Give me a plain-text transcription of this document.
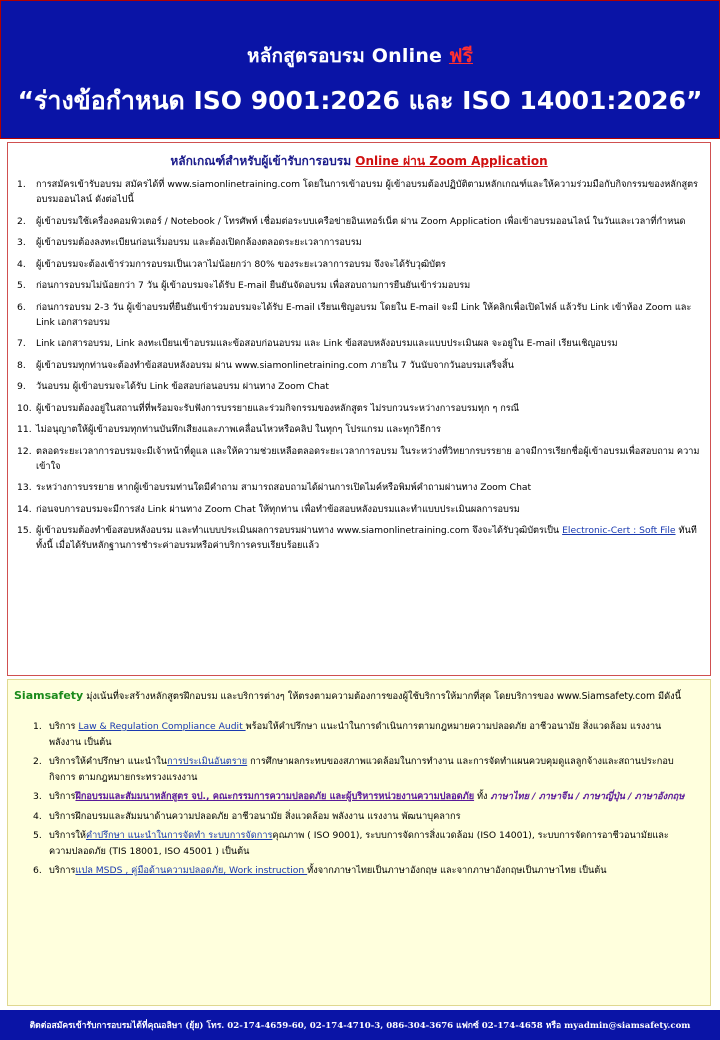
หลักสูตรอบรม Online ฟรี
“ร่างข้อกำหนด ISO 9001:2026 และ ISO 14001:2026”
หลักเกณฑ์สำหรับผู้เข้ารับการอบรม Online ผ่าน Zoom Application
1.	การสมัครเข้ารับอบรม สมัครได้ที่ www.siamonlinetraining.com โดยในการเข้าอบรม ผู้เข้าอบรมต้องปฏิบัติตามหลักเกณฑ์และให้ความร่วมมือกับกิจกรรมของหลักสูตรอบรมออนไลน์ ดังต่อไปนี้
2.	ผู้เข้าอบรมใช้เครื่องคอมพิวเตอร์ / Notebook / โทรศัพท์ เชื่อมต่อระบบเครือข่ายอินเทอร์เน็ต ผ่าน Zoom Application เพื่อเข้าอบรมออนไลน์ ในวันและเวลาที่กำหนด
3.	ผู้เข้าอบรมต้องลงทะเบียนก่อนเริ่มอบรม และต้องเปิดกล้องตลอดระยะเวลาการอบรม
4.	ผู้เข้าอบรมจะต้องเข้าร่วมการอบรมเป็นเวลาไม่น้อยกว่า 80% ของระยะเวลาการอบรม จึงจะได้รับวุฒิบัตร
5.	ก่อนการอบรมไม่น้อยกว่า 7 วัน ผู้เข้าอบรมจะได้รับ E-mail ยืนยันจัดอบรม เพื่อสอบถามการยืนยันเข้าร่วมอบรม
6.	ก่อนการอบรม 2-3 วัน ผู้เข้าอบรมที่ยืนยันเข้าร่วมอบรมจะได้รับ E-mail เรียนเชิญอบรม โดยใน E-mail จะมี Link ให้คลิกเพื่อเปิดไฟล์ แล้วรับ Link เข้าห้อง Zoom และ Link เอกสารอบรม
7.	Link เอกสารอบรม, Link ลงทะเบียนเข้าอบรมและข้อสอบก่อนอบรม และ Link ข้อสอบหลังอบรมและแบบประเมินผล จะอยู่ใน E-mail เรียนเชิญอบรม
8.	ผู้เข้าอบรมทุกท่านจะต้องทำข้อสอบหลังอบรม ผ่าน www.siamonlinetraining.com ภายใน 7 วันนับจากวันอบรมเสร็จสิ้น
9.	วันอบรม ผู้เข้าอบรมจะได้รับ Link ข้อสอบก่อนอบรม ผ่านทาง Zoom Chat
10. ผู้เข้าอบรมต้องอยู่ในสถานที่ที่พร้อมจะรับฟังการบรรยายและร่วมกิจกรรมของหลักสูตร ไม่รบกวนระหว่างการอบรมทุก ๆ กรณี
11. ไม่อนุญาตให้ผู้เข้าอบรมทุกท่านบันทึกเสียงและภาพเคลื่อนไหวหรือคลิป ในทุกๆ โปรแกรม และทุกวิธีการ
12. ตลอดระยะเวลาการอบรมจะมีเจ้าหน้าที่ดูแล และให้ความช่วยเหลือตลอดระยะเวลาการอบรม ในระหว่างที่วิทยากรบรรยาย อาจมีการเรียกชื่อผู้เข้าอบรมเพื่อสอบถาม ความเข้าใจ
13. ระหว่างการบรรยาย หากผู้เข้าอบรมท่านใดมีคำถาม สามารถสอบถามได้ผ่านการเปิดไมค์หรือพิมพ์คำถามผ่านทาง Zoom Chat
14. ก่อนจบการอบรมจะมีการส่ง Link ผ่านทาง Zoom Chat ให้ทุกท่าน เพื่อทำข้อสอบหลังอบรมและทำแบบประเมินผลการอบรม
15. ผู้เข้าอบรมต้องทำข้อสอบหลังอบรม และทำแบบประเมินผลการอบรมผ่านทาง www.siamonlinetraining.com จึงจะได้รับวุฒิบัตรเป็น Electronic-Cert : Soft File ทันที ทั้งนี้ เมื่อได้รับหลักฐานการชำระค่าอบรมหรือค่าบริการครบเรียบร้อยแล้ว
Siamsafety มุ่งเน้นที่จะสร้างหลักสูตรฝึกอบรม และบริการต่างๆ ให้ตรงตามความต้องการของผู้ใช้บริการให้มากที่สุด โดยบริการของ www.Siamsafety.com มีดังนี้
1. บริการ Law & Regulation Compliance Audit พร้อมให้คำปรึกษา แนะนำในการดำเนินการตามกฎหมายความปลอดภัย อาชีวอนามัย สิ่งแวดล้อม แรงงาน พลังงาน เป็นต้น
2. บริการให้คำปรึกษา แนะนำในการประเมินอันตราย การศึกษาผลกระทบของสภาพแวดล้อมในการทำงาน และการจัดทำแผนควบคุมดูแลลูกจ้างและสถานประกอบกิจการ ตามกฎหมายกระทรวงแรงงาน
3. บริการฝึกอบรมและสัมมนาหลักสูตร จป., คณะกรรมการความปลอดภัย และผู้บริหารหน่วยงานความปลอดภัย ทั้ง ภาษาไทย / ภาษาจีน / ภาษาญี่ปุ่น / ภาษาอังกฤษ
4. บริการฝึกอบรมและสัมมนาด้านความปลอดภัย อาชีวอนามัย สิ่งแวดล้อม พลังงาน แรงงาน พัฒนาบุคลากร
5. บริการให้คำปรึกษา แนะนำในการจัดทำ ระบบการจัดการคุณภาพ ( ISO 9001), ระบบการจัดการสิ่งแวดล้อม (ISO 14001), ระบบการจัดการอาชีวอนามัยและความปลอดภัย (TIS 18001, ISO 45001 ) เป็นต้น
6. บริการแปล MSDS , คู่มือด้านความปลอดภัย, Work instruction ทั้งจากภาษาไทยเป็นภาษาอังกฤษ และจากภาษาอังกฤษเป็นภาษาไทย เป็นต้น
ติดต่อสมัครเข้ารับการอบรมได้ที่คุณอลิษา (ยุ้ย) โทร. 02-174-4659-60, 02-174-4710-3, 086-304-3676 แฟกซ์ 02-174-4658 หรือ myadmin@siamsafety.com
